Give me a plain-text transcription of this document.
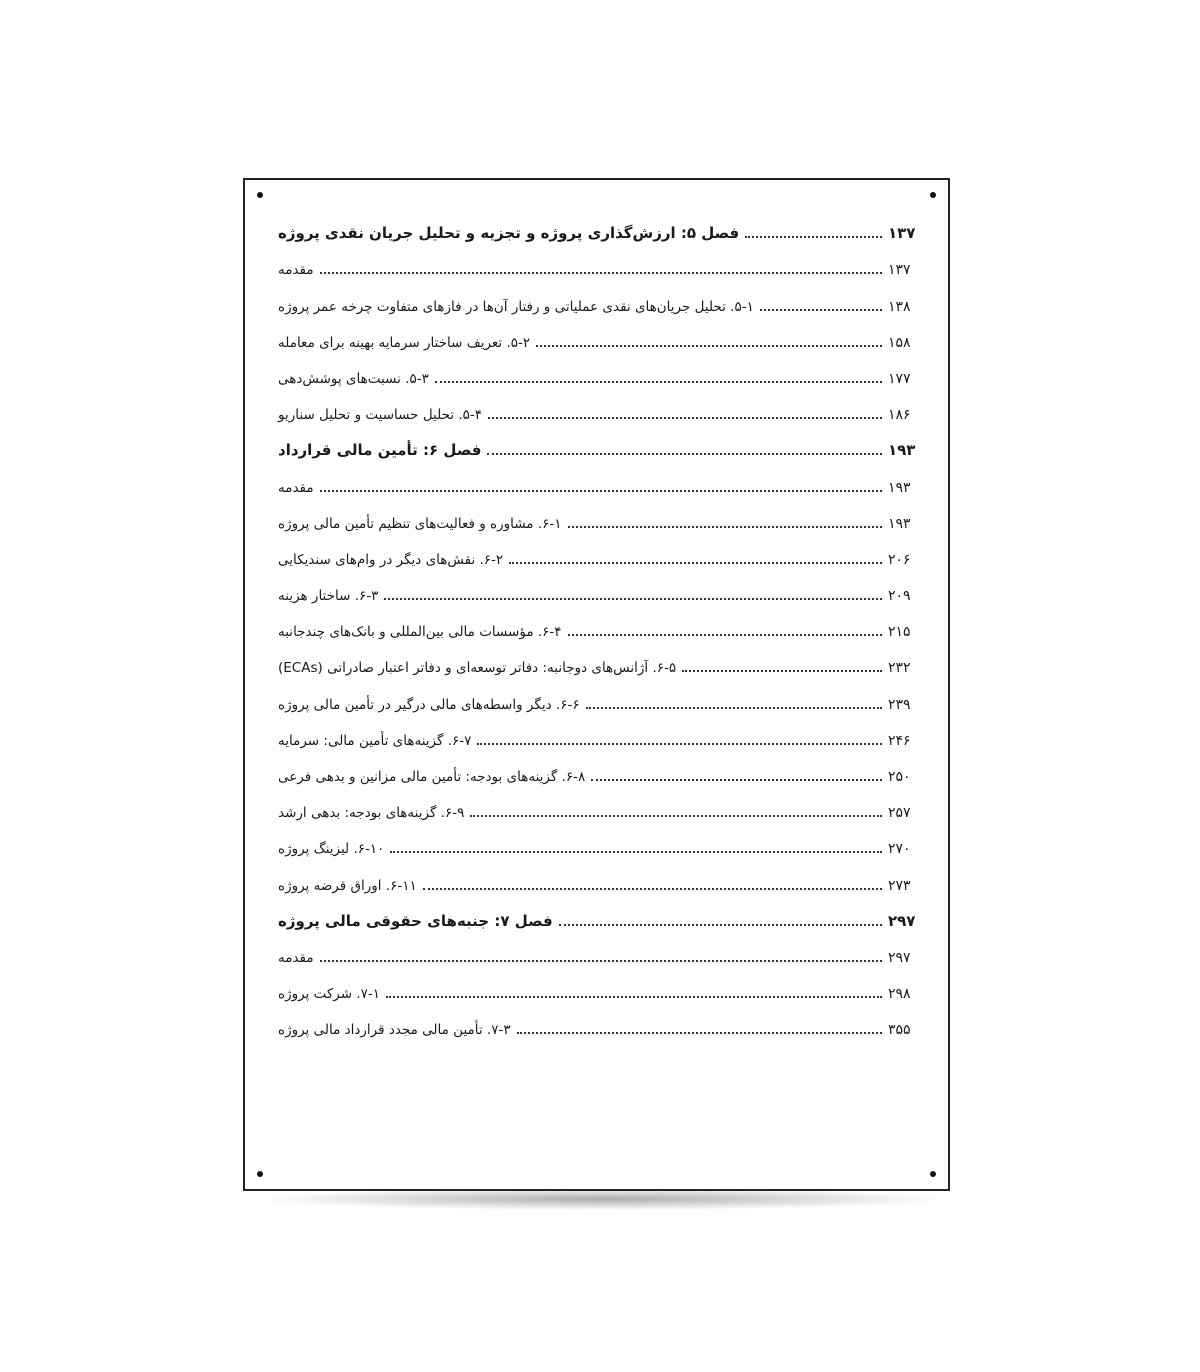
فصل ۵: ارزش‌گذاری پروژه و تجزیه و تحلیل جریان نقدی پروژه	۱۳۷
مقدمه	۱۳۷
۵-۱. تحلیل جریان‌های نقدی عملیاتی و رفتار آن‌ها در فازهای متفاوت چرخه عمر پروژه	۱۳۸
۵-۲. تعریف ساختار سرمایه بهینه برای معامله	۱۵۸
۵-۳. نسبت‌های پوشش‌دهی	۱۷۷
۵-۴. تحلیل حساسیت و تحلیل سناریو	۱۸۶
فصل ۶: تأمین مالی قرارداد	۱۹۳
مقدمه	۱۹۳
۶-۱. مشاوره و فعالیت‌های تنظیم تأمین مالی پروژه	۱۹۳
۶-۲. نقش‌های دیگر در وام‌های سندیکایی	۲۰۶
۶-۳. ساختار هزینه	۲۰۹
۶-۴. مؤسسات مالی بین‌المللی و بانک‌های چندجانبه	۲۱۵
۶-۵. آژانس‌های دوجانبه: دفاتر توسعه‌ای و دفاتر اعتبار صادراتی (ECAs)	۲۳۲
۶-۶. دیگر واسطه‌های مالی درگیر در تأمین مالی پروژه	۲۳۹
۶-۷. گزینه‌های تأمین مالی: سرمایه	۲۴۶
۶-۸. گزینه‌های بودجه: تأمین مالی مزانین و بدهی فرعی	۲۵۰
۶-۹. گزینه‌های بودجه: بدهی ارشد	۲۵۷
۶-۱۰. لیزینگ پروژه	۲۷۰
۶-۱۱. اوراق قرضه پروژه	۲۷۳
فصل ۷: جنبه‌های حقوقی مالی پروژه	۲۹۷
مقدمه	۲۹۷
۷-۱. شرکت پروژه	۲۹۸
۷-۳. تأمین مالی مجدد قرارداد مالی پروژه	۳۵۵
